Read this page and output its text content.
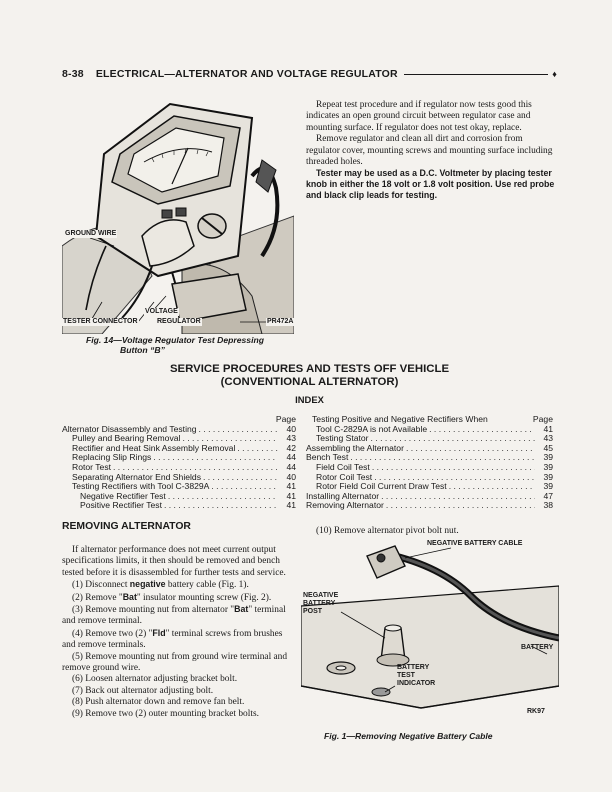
8-38 ELECTRICAL—ALTERNATOR AND VOLTAGE REGULATOR	♦
GROUND WIRE
VOLTAGE
TESTER CONNECTOR	REGULATOR	PR472A
Fig. 14—Voltage Regulator Test Depressing
Button “B”

Repeat test procedure and if regulator now tests good this indicates an open ground circuit between regulator case and mounting surface. If regulator does not test okay, replace.

Remove regulator and clean all dirt and corrosion from regulator cover, mounting screws and mounting surface including threaded holes.

Tester may be used as a D.C. Voltmeter by placing tester knob in either the 18 volt or 1.8 volt position. Use red probe and black clip leads for testing.

SERVICE PROCEDURES AND TESTS OFF VEHICLE
(CONVENTIONAL ALTERNATOR)
INDEX
Page
Alternator Disassembly and Testing . . .	40
Pulley and Bearing Removal . . .	43
Rectifier and Heat Sink Assembly Removal . . .	42
Replacing Slip Rings . . .	44
Rotor Test . . .	44
Separating Alternator End Shields . . .	40
Testing Rectifiers with Tool C-3829A . . .	41
Negative Rectifier Test . . .	41
Positive Rectifier Test . . .	41
Testing Positive and Negative Rectifiers When	Page
Tool C-2829A is not Available . . .	41
Testing Stator . . .	43
Assembling the Alternator . . .	45
Bench Test . . .	39
Field Coil Test . . .	39
Rotor Coil Test . . .	39
Rotor Field Coil Current Draw Test . . .	39
Installing Alternator . . .	47
Removing Alternator . . .	38
REMOVING ALTERNATOR

If alternator performance does not meet current output specifications limits, it then should be removed and bench tested before it is disassembled for further tests and service.

(1) Disconnect negative battery cable (Fig. 1).

(2) Remove "Bat" insulator mounting screw (Fig. 2).

(3) Remove mounting nut from alternator "Bat" terminal and remove terminal.

(4) Remove two (2) "Fld" terminal screws from brushes and remove terminals.

(5) Remove mounting nut from ground wire terminal and remove ground wire.

(6) Loosen alternator adjusting bracket bolt.

(7) Back out alternator adjusting bolt.

(8) Push alternator down and remove fan belt.

(9) Remove two (2) outer mounting bracket bolts.

(10) Remove alternator pivot bolt nut.
NEGATIVE BATTERY CABLE
NEGATIVE
BATTERY
POST
BATTERY
BATTERY
TEST
INDICATOR
RK97
Fig. 1—Removing Negative Battery Cable
